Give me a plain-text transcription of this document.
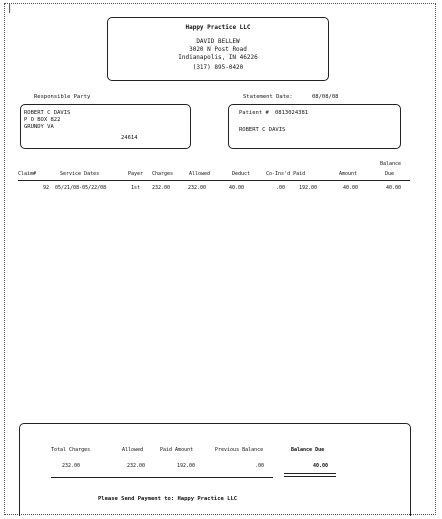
|
Happy Practice LLC
DAVID BELLEW
3020 N Post Road
Indianapolis, IN 46226
(317) 895-0420
Responsible Party	Statement Date:	08/08/08
ROBERT C DAVIS
P O BOX 822
GRUNDY VA
24614
Patient # 0813024381
ROBERT C DAVIS
Balance
Claim#	Service Dates	Payer Charges	Allowed	Deduct	Co-Ins'd Paid	Amount	Due
92 05/21/08-05/22/08	1st 232.00	232.00	40.00	.00	192.00	40.00	40.00
Total Charges	Allowed	Paid Amount	Previous Balance	Balance Due
232.00	232.00	192.00	.00	40.00
Please Send Payment to: Happy Practice LLC
